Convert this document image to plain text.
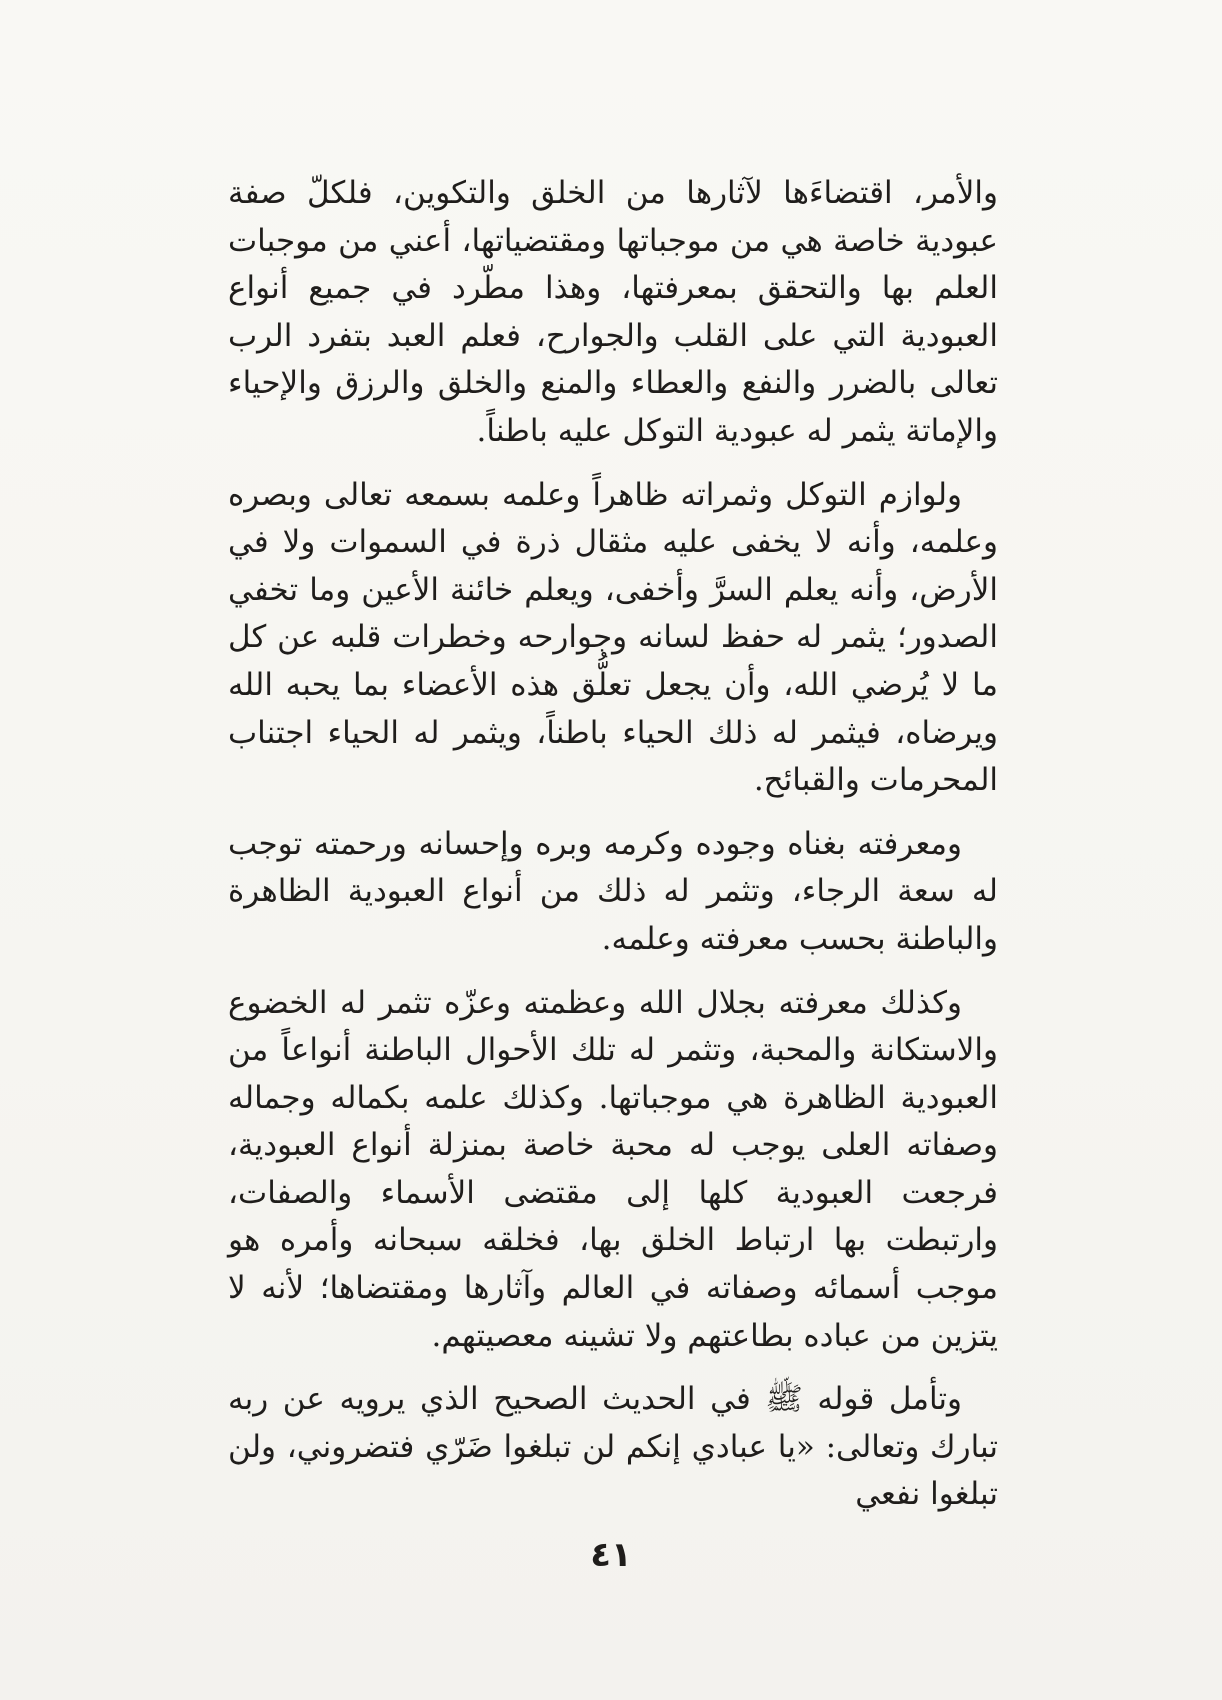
والأمر، اقتضاءَها لآثارها من الخلق والتكوين، فلكلّ صفة عبودية خاصة هي من موجباتها ومقتضياتها، أعني من موجبات العلم بها والتحقق بمعرفتها، وهذا مطّرد في جميع أنواع العبودية التي على القلب والجوارح، فعلم العبد بتفرد الرب تعالى بالضرر والنفع والعطاء والمنع والخلق والرزق والإحياء والإماتة يثمر له عبودية التوكل عليه باطناً.

ولوازم التوكل وثمراته ظاهراً وعلمه بسمعه تعالى وبصره وعلمه، وأنه لا يخفى عليه مثقال ذرة في السموات ولا في الأرض، وأنه يعلم السرَّ وأخفى، ويعلم خائنة الأعين وما تخفي الصدور؛ يثمر له حفظ لسانه وجوارحه وخطرات قلبه عن كل ما لا يُرضي الله، وأن يجعل تعلُّق هذه الأعضاء بما يحبه الله ويرضاه، فيثمر له ذلك الحياء باطناً، ويثمر له الحياء اجتناب المحرمات والقبائح.

ومعرفته بغناه وجوده وكرمه وبره وإحسانه ورحمته توجب له سعة الرجاء، وتثمر له ذلك من أنواع العبودية الظاهرة والباطنة بحسب معرفته وعلمه.

وكذلك معرفته بجلال الله وعظمته وعزّه تثمر له الخضوع والاستكانة والمحبة، وتثمر له تلك الأحوال الباطنة أنواعاً من العبودية الظاهرة هي موجباتها. وكذلك علمه بكماله وجماله وصفاته العلى يوجب له محبة خاصة بمنزلة أنواع العبودية، فرجعت العبودية كلها إلى مقتضى الأسماء والصفات، وارتبطت بها ارتباط الخلق بها، فخلقه سبحانه وأمره هو موجب أسمائه وصفاته في العالم وآثارها ومقتضاها؛ لأنه لا يتزين من عباده بطاعتهم ولا تشينه معصيتهم.

وتأمل قوله ﷺ في الحديث الصحيح الذي يرويه عن ربه تبارك وتعالى: «يا عبادي إنكم لن تبلغوا ضَرّي فتضروني، ولن تبلغوا نفعي

٤١
